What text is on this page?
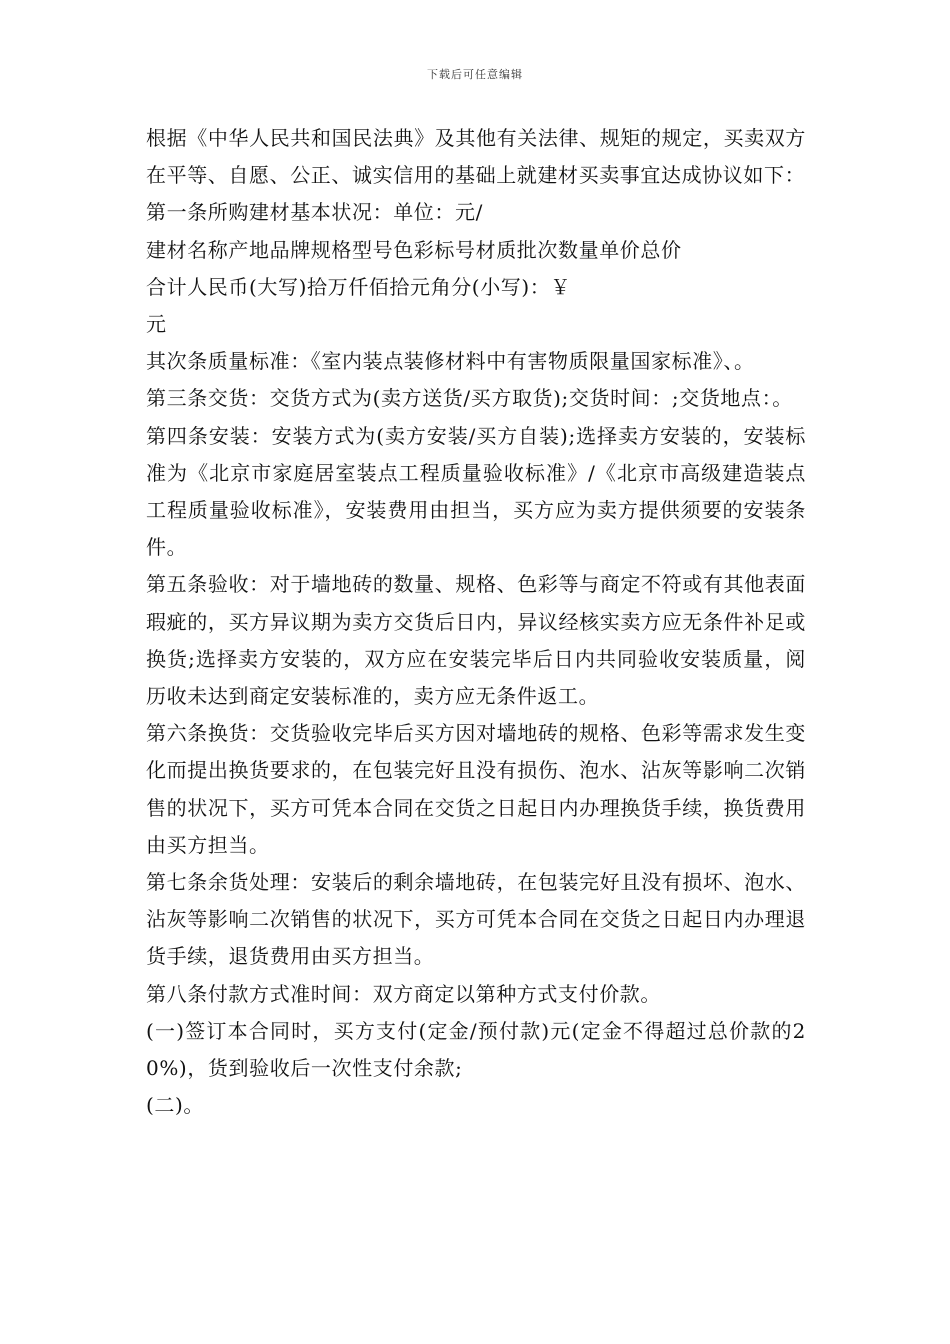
下载后可任意编辑

根据《中华人民共和国民法典》及其他有关法律、规矩的规定，买卖双方在平等、自愿、公正、诚实信用的基础上就建材买卖事宜达成协议如下：

第一条所购建材基本状况：单位：元/

建材名称产地品牌规格型号色彩标号材质批次数量单价总价

合计人民币(大写)拾万仟佰拾元角分(小写)：￥

元

其次条质量标准：《室内装点装修材料中有害物质限量国家标准》、。

第三条交货：交货方式为(卖方送货/买方取货);交货时间：;交货地点：。

第四条安装：安装方式为(卖方安装/买方自装);选择卖方安装的，安装标准为《北京市家庭居室装点工程质量验收标准》/《北京市高级建造装点工程质量验收标准》，安装费用由担当，买方应为卖方提供须要的安装条件。

第五条验收：对于墙地砖的数量、规格、色彩等与商定不符或有其他表面瑕疵的，买方异议期为卖方交货后日内，异议经核实卖方应无条件补足或换货;选择卖方安装的，双方应在安装完毕后日内共同验收安装质量，阅历收未达到商定安装标准的，卖方应无条件返工。

第六条换货：交货验收完毕后买方因对墙地砖的规格、色彩等需求发生变化而提出换货要求的，在包装完好且没有损伤、泡水、沾灰等影响二次销售的状况下，买方可凭本合同在交货之日起日内办理换货手续，换货费用由买方担当。

第七条余货处理：安装后的剩余墙地砖，在包装完好且没有损坏、泡水、沾灰等影响二次销售的状况下，买方可凭本合同在交货之日起日内办理退货手续，退货费用由买方担当。

第八条付款方式准时间：双方商定以第种方式支付价款。

(一)签订本合同时，买方支付(定金/预付款)元(定金不得超过总价款的20%)，货到验收后一次性支付余款;

(二)。
